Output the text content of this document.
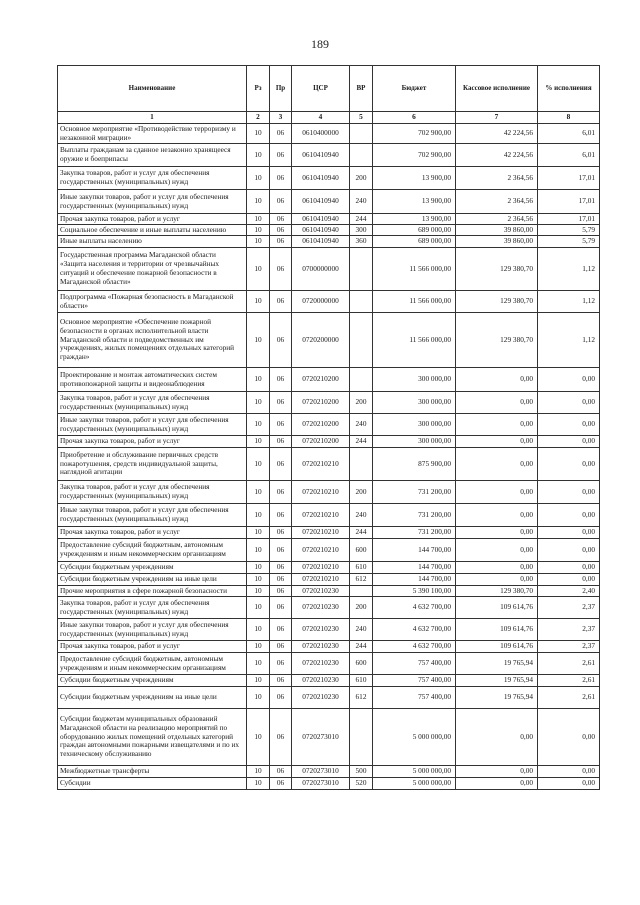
189
Наименование	Рз	Пр	ЦСР	ВР	Бюджет	Кассовое исполнение	% исполнения
1	2	3	4	5	6	7	8
Основное мероприятие «Противодействие терроризму и незаконной миграции»	10	06	0610400000		702 900,00	42 224,56	6,01
Выплаты гражданам за сданное незаконно хранящееся оружие и боеприпасы	10	06	0610410940		702 900,00	42 224,56	6,01
Закупка товаров, работ и услуг для обеспечения государственных (муниципальных) нужд	10	06	0610410940	200	13 900,00	2 364,56	17,01
Иные закупки товаров, работ и услуг для обеспечения государственных (муниципальных) нужд	10	06	0610410940	240	13 900,00	2 364,56	17,01
Прочая закупка товаров, работ и услуг	10	06	0610410940	244	13 900,00	2 364,56	17,01
Социальное обеспечение и иные выплаты населению	10	06	0610410940	300	689 000,00	39 860,00	5,79
Иные выплаты населению	10	06	0610410940	360	689 000,00	39 860,00	5,79
Государственная программа Магаданской области «Защита населения и территории от чрезвычайных ситуаций и обеспечение пожарной безопасности в Магаданской области»	10	06	0700000000		11 566 000,00	129 380,70	1,12
Подпрограмма «Пожарная безопасность в Магаданской области»	10	06	0720000000		11 566 000,00	129 380,70	1,12
Основное мероприятие «Обеспечение пожарной безопасности в органах исполнительной власти Магаданской области и подведомственных им учреждениях, жилых помещениях отдельных категорий граждан»	10	06	0720200000		11 566 000,00	129 380,70	1,12
Проектирование и монтаж автоматических систем противопожарной защиты и видеонаблюдения	10	06	0720210200		300 000,00	0,00	0,00
Закупка товаров, работ и услуг для обеспечения государственных (муниципальных) нужд	10	06	0720210200	200	300 000,00	0,00	0,00
Иные закупки товаров, работ и услуг для обеспечения государственных (муниципальных) нужд	10	06	0720210200	240	300 000,00	0,00	0,00
Прочая закупка товаров, работ и услуг	10	06	0720210200	244	300 000,00	0,00	0,00
Приобретение и обслуживание первичных средств пожаротушения, средств индивидуальной защиты, наглядной агитации	10	06	0720210210		875 900,00	0,00	0,00
Закупка товаров, работ и услуг для обеспечения государственных (муниципальных) нужд	10	06	0720210210	200	731 200,00	0,00	0,00
Иные закупки товаров, работ и услуг для обеспечения государственных (муниципальных) нужд	10	06	0720210210	240	731 200,00	0,00	0,00
Прочая закупка товаров, работ и услуг	10	06	0720210210	244	731 200,00	0,00	0,00
Предоставление субсидий бюджетным, автономным учреждениям и иным некоммерческим организациям	10	06	0720210210	600	144 700,00	0,00	0,00
Субсидии бюджетным учреждениям	10	06	0720210210	610	144 700,00	0,00	0,00
Субсидии бюджетным учреждениям на иные цели	10	06	0720210210	612	144 700,00	0,00	0,00
Прочие мероприятия в сфере пожарной безопасности	10	06	0720210230		5 390 100,00	129 380,70	2,40
Закупка товаров, работ и услуг для обеспечения государственных (муниципальных) нужд	10	06	0720210230	200	4 632 700,00	109 614,76	2,37
Иные закупки товаров, работ и услуг для обеспечения государственных (муниципальных) нужд	10	06	0720210230	240	4 632 700,00	109 614,76	2,37
Прочая закупка товаров, работ и услуг	10	06	0720210230	244	4 632 700,00	109 614,76	2,37
Предоставление субсидий бюджетным, автономным учреждениям и иным некоммерческим организациям	10	06	0720210230	600	757 400,00	19 765,94	2,61
Субсидии бюджетным учреждениям	10	06	0720210230	610	757 400,00	19 765,94	2,61
Субсидии бюджетным учреждениям на иные цели	10	06	0720210230	612	757 400,00	19 765,94	2,61
Субсидии бюджетам муниципальных образований Магаданской области на реализацию мероприятий по оборудованию жилых помещений отдельных категорий граждан автономными пожарными извещателями и по их техническому обслуживанию	10	06	0720273010		5 000 000,00	0,00	0,00
Межбюджетные трансферты	10	06	0720273010	500	5 000 000,00	0,00	0,00
Субсидии	10	06	0720273010	520	5 000 000,00	0,00	0,00
